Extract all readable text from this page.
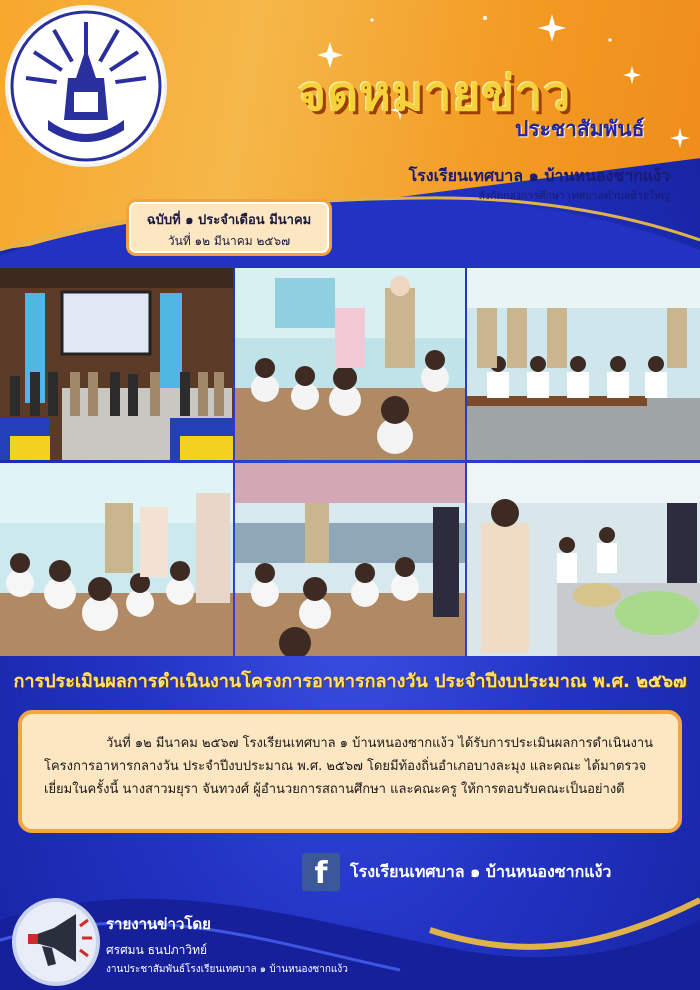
จดหมายข่าว
ประชาสัมพันธ์
โรงเรียนเทศบาล ๑ บ้านหนองซากแง้ว
สังกัดกองการศึกษา เทศบาลตำบลห้วยใหญ่
ฉบับที่ ๑ ประจำเดือน มีนาคม
วันที่ ๑๒ มีนาคม ๒๕๖๗
การประเมินผลการดำเนินงานโครงการอาหารกลางวัน ประจำปีงบประมาณ พ.ศ. ๒๕๖๗
วันที่ ๑๒ มีนาคม ๒๕๖๗ โรงเรียนเทศบาล ๑ บ้านหนองซากแง้ว ได้รับการประเมินผลการดำเนินงานโครงการอาหารกลางวัน ประจำปีงบประมาณ พ.ศ. ๒๕๖๗ โดยมีท้องถิ่นอำเภอบางละมุง และคณะ ได้มาตรวจเยี่ยมในครั้งนี้ นางสาวมยุรา จันทวงศ์ ผู้อำนวยการสถานศึกษา และคณะครู ให้การตอบรับคณะเป็นอย่างดี
f	โรงเรียนเทศบาล ๑ บ้านหนองซากแง้ว
รายงานข่าวโดย
ศรศมน ธนปภาวิทย์
งานประชาสัมพันธ์โรงเรียนเทศบาล ๑ บ้านหนองซากแง้ว
